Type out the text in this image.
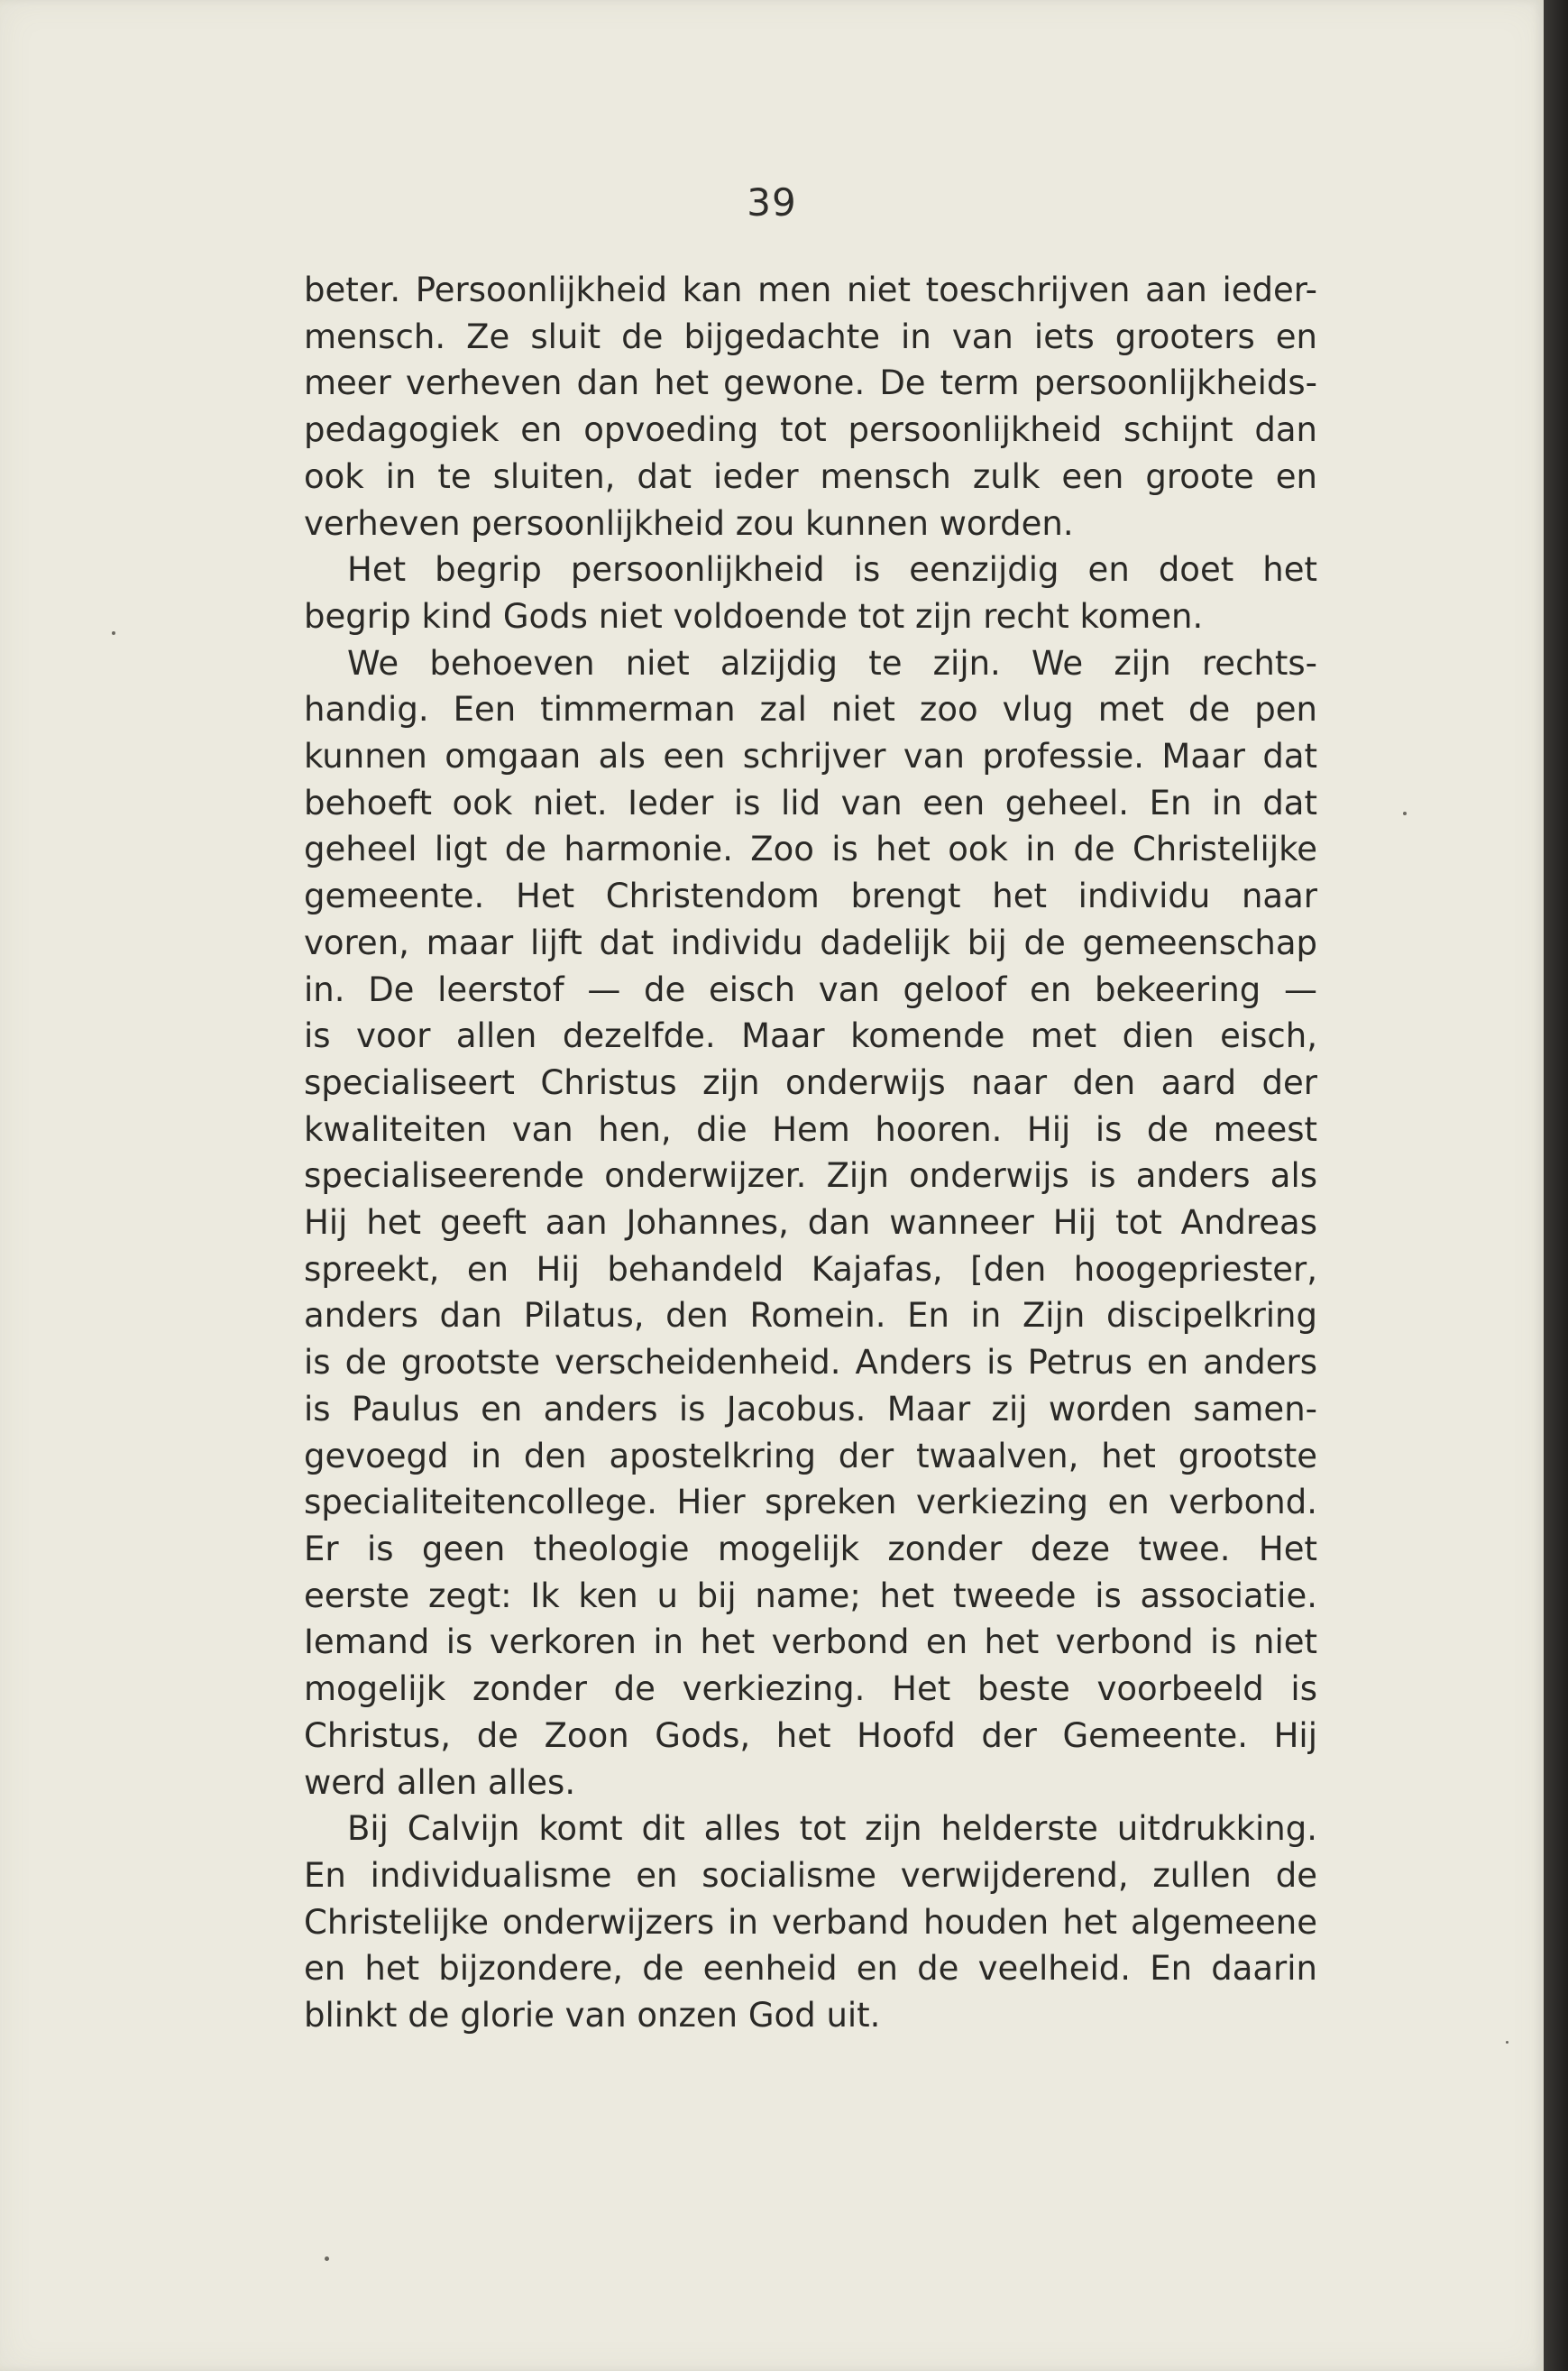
39
beter. Persoonlijkheid kan men niet toeschrijven aan ieder-
mensch. Ze sluit de bijgedachte in van iets grooters en
meer verheven dan het gewone. De term persoonlijkheids-
pedagogiek en opvoeding tot persoonlijkheid schijnt dan
ook in te sluiten, dat ieder mensch zulk een groote en
verheven persoonlijkheid zou kunnen worden.
Het begrip persoonlijkheid is eenzijdig en doet het
begrip kind Gods niet voldoende tot zijn recht komen.
We behoeven niet alzijdig te zijn. We zijn rechts-
handig. Een timmerman zal niet zoo vlug met de pen
kunnen omgaan als een schrijver van professie. Maar dat
behoeft ook niet. Ieder is lid van een geheel. En in dat
geheel ligt de harmonie. Zoo is het ook in de Christelijke
gemeente. Het Christendom brengt het individu naar
voren, maar lijft dat individu dadelijk bij de gemeenschap
in. De leerstof — de eisch van geloof en bekeering —
is voor allen dezelfde. Maar komende met dien eisch,
specialiseert Christus zijn onderwijs naar den aard der
kwaliteiten van hen, die Hem hooren. Hij is de meest
specialiseerende onderwijzer. Zijn onderwijs is anders als
Hij het geeft aan Johannes, dan wanneer Hij tot Andreas
spreekt, en Hij behandeld Kajafas, [den hoogepriester,
anders dan Pilatus, den Romein. En in Zijn discipelkring
is de grootste verscheidenheid. Anders is Petrus en anders
is Paulus en anders is Jacobus. Maar zij worden samen-
gevoegd in den apostelkring der twaalven, het grootste
specialiteitencollege. Hier spreken verkiezing en verbond.
Er is geen theologie mogelijk zonder deze twee. Het
eerste zegt: Ik ken u bij name; het tweede is associatie.
Iemand is verkoren in het verbond en het verbond is niet
mogelijk zonder de verkiezing. Het beste voorbeeld is
Christus, de Zoon Gods, het Hoofd der Gemeente. Hij
werd allen alles.
Bij Calvijn komt dit alles tot zijn helderste uitdrukking.
En individualisme en socialisme verwijderend, zullen de
Christelijke onderwijzers in verband houden het algemeene
en het bijzondere, de eenheid en de veelheid. En daarin
blinkt de glorie van onzen God uit.
